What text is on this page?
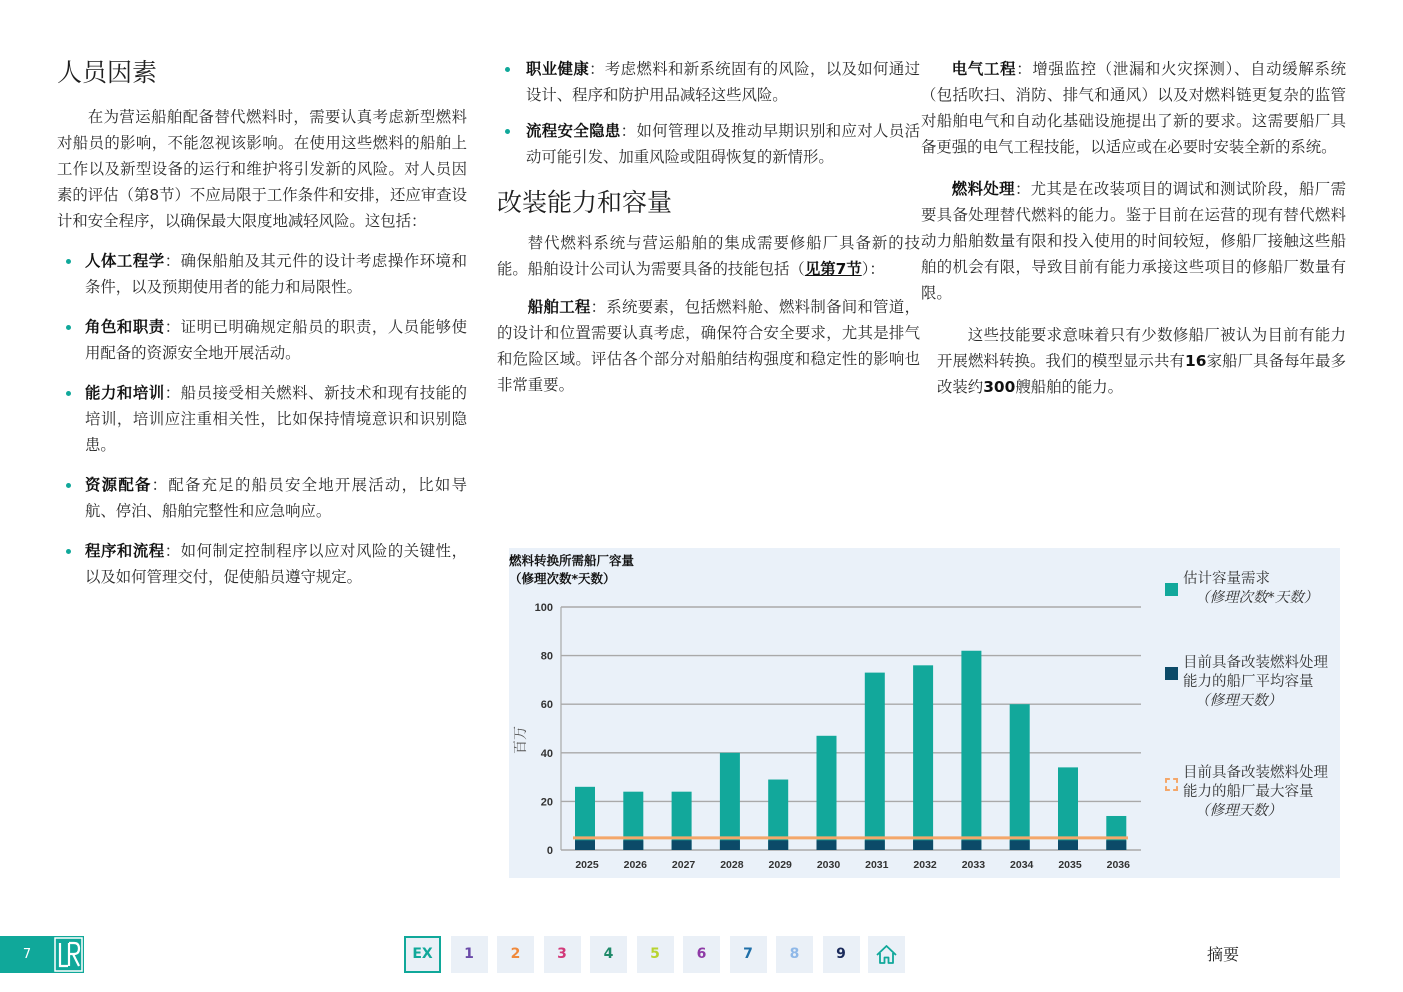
人员因素

在为营运船舶配备替代燃料时，需要认真考虑新型燃料对船员的影响，不能忽视该影响。在使用这些燃料的船舶上工作以及新型设备的运行和维护将引发新的风险。对人员因素的评估（第8节）不应局限于工作条件和安排，还应审查设计和安全程序，以确保最大限度地减轻风险。这包括：

人体工程学：确保船舶及其元件的设计考虑操作环境和条件，以及预期使用者的能力和局限性。
角色和职责：证明已明确规定船员的职责，人员能够使用配备的资源安全地开展活动。
能力和培训：船员接受相关燃料、新技术和现有技能的培训，培训应注重相关性，比如保持情境意识和识别隐患。
资源配备：配备充足的船员安全地开展活动，比如导航、停泊、船舶完整性和应急响应。
程序和流程：如何制定控制程序以应对风险的关键性，以及如何管理交付，促使船员遵守规定。
职业健康：考虑燃料和新系统固有的风险，以及如何通过设计、程序和防护用品减轻这些风险。
流程安全隐患：如何管理以及推动早期识别和应对人员活动可能引发、加重风险或阻碍恢复的新情形。
改装能力和容量

替代燃料系统与营运船舶的集成需要修船厂具备新的技能。船舶设计公司认为需要具备的技能包括（见第7节）：

船舶工程：系统要素，包括燃料舱、燃料制备间和管道，的设计和位置需要认真考虑，确保符合安全要求，尤其是排气和危险区域。评估各个部分对船舶结构强度和稳定性的影响也非常重要。

电气工程：增强监控（泄漏和火灾探测）、自动缓解系统（包括吹扫、消防、排气和通风）以及对燃料链更复杂的监管对船舶电气和自动化基础设施提出了新的要求。这需要船厂具备更强的电气工程技能，以适应或在必要时安装全新的系统。

燃料处理：尤其是在改装项目的调试和测试阶段，船厂需要具备处理替代燃料的能力。鉴于目前在运营的现有替代燃料动力船舶数量有限和投入使用的时间较短，修船厂接触这些船舶的机会有限，导致目前有能力承接这些项目的修船厂数量有限。

这些技能要求意味着只有少数修船厂被认为目前有能力开展燃料转换。我们的模型显示共有16家船厂具备每年最多改装约300艘船舶的能力。

燃料转换所需船厂容量
（修理次数*天数）
0
20
40
60
80
100
百万
2025 2026 2027 2028 2029 2030 2031 2032 2033 2034 2035 2036
估计容量需求
（修理次数*天数）
目前具备改装燃料处理能力的船厂平均容量
（修理天数）
目前具备改装燃料处理能力的船厂最大容量
（修理天数）
7	EX	1	2	3	4	5	6	7	8	9	摘要
